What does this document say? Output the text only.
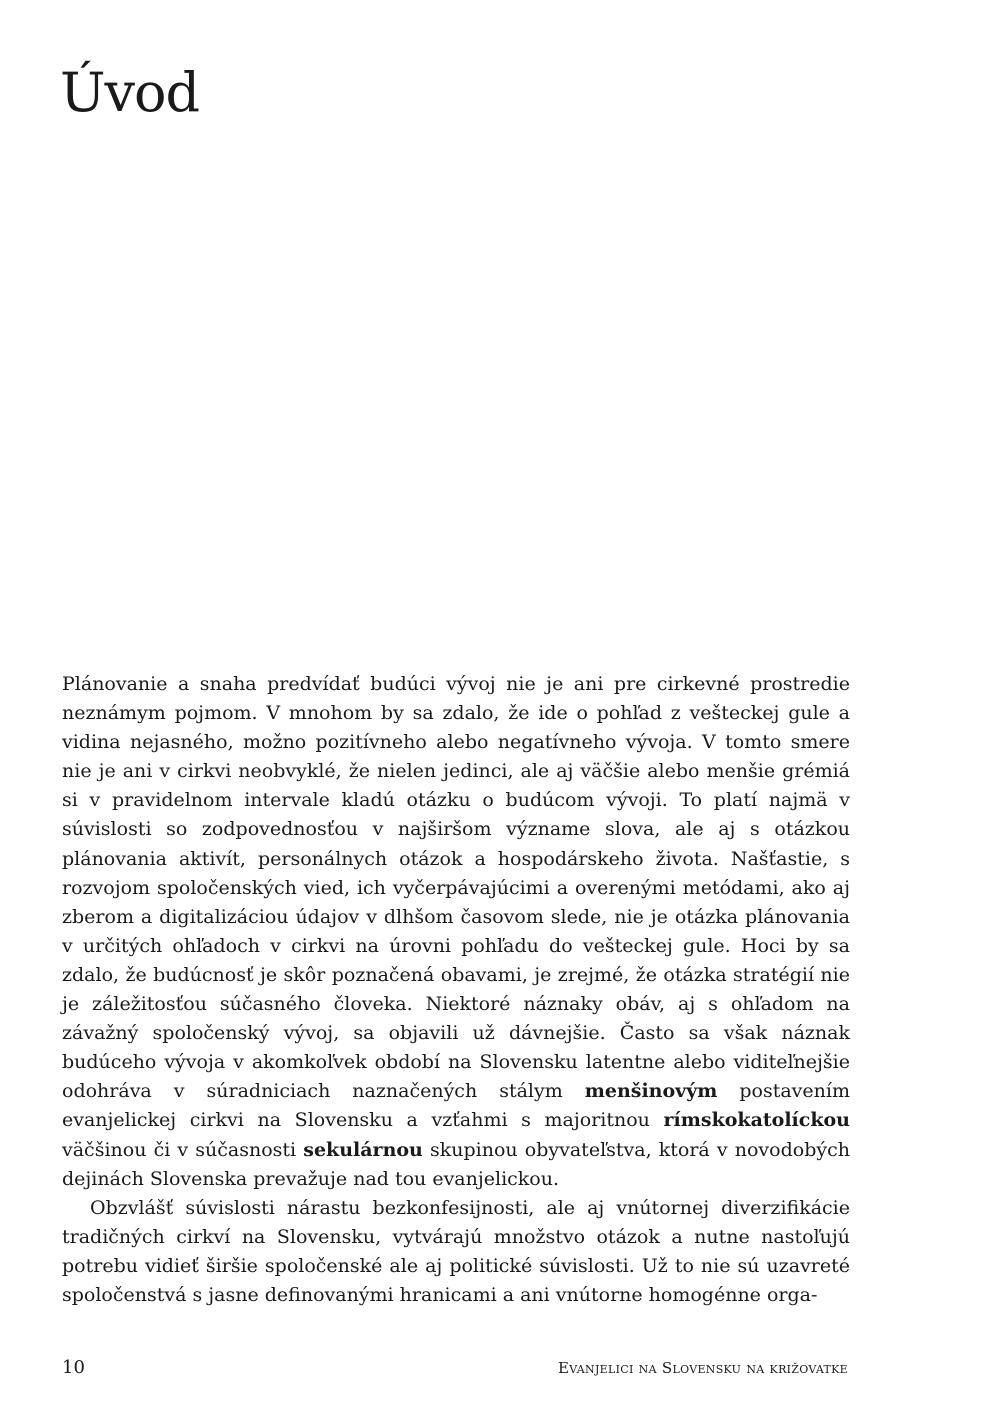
Úvod

Plánovanie a snaha predvídať budúci vývoj nie je ani pre cirkevné prostredie neznámym pojmom. V mnohom by sa zdalo, že ide o pohľad z vešteckej gule a vidina nejasného, možno pozitívneho alebo negatívneho vývoja. V tomto smere nie je ani v cirkvi neobvyklé, že nielen jedinci, ale aj väčšie alebo menšie grémiá si v pravidelnom intervale kladú otázku o budúcom vývoji. To platí najmä v súvislosti so zodpovednosťou v najširšom význame slova, ale aj s otázkou plánovania aktivít, personálnych otázok a hospodárskeho života. Našťastie, s rozvojom spoločenských vied, ich vyčerpávajúcimi a overenými metódami, ako aj zberom a digitalizáciou údajov v dlhšom časovom slede, nie je otázka plánovania v určitých ohľadoch v cirkvi na úrovni pohľadu do vešteckej gule. Hoci by sa zdalo, že budúcnosť je skôr poznačená obavami, je zrejmé, že otázka stratégií nie je záležitosťou súčasného človeka. Niektoré náznaky obáv, aj s ohľadom na závažný spoločenský vývoj, sa objavili už dávnejšie. Často sa však náznak budúceho vývoja v akomkoľvek období na Slovensku latentne alebo viditeľnejšie odohráva v súradniciach naznačených stálym menšinovým postavením evanjelickej cirkvi na Slovensku a vzťahmi s majoritnou rímskokatolíckou väčšinou či v súčasnosti sekulárnou skupinou obyvateľstva, ktorá v novodobých dejinách Slovenska prevažuje nad tou evanjelickou.

Obzvlášť súvislosti nárastu bezkonfesijnosti, ale aj vnútornej diverzifikácie tradičných cirkví na Slovensku, vytvárajú množstvo otázok a nutne nastoľujú potrebu vidieť širšie spoločenské ale aj politické súvislosti. Už to nie sú uzavreté spoločenstvá s jasne definovanými hranicami a ani vnútorne homogénne orga-

10	Evanjelici na Slovensku na križovatke
